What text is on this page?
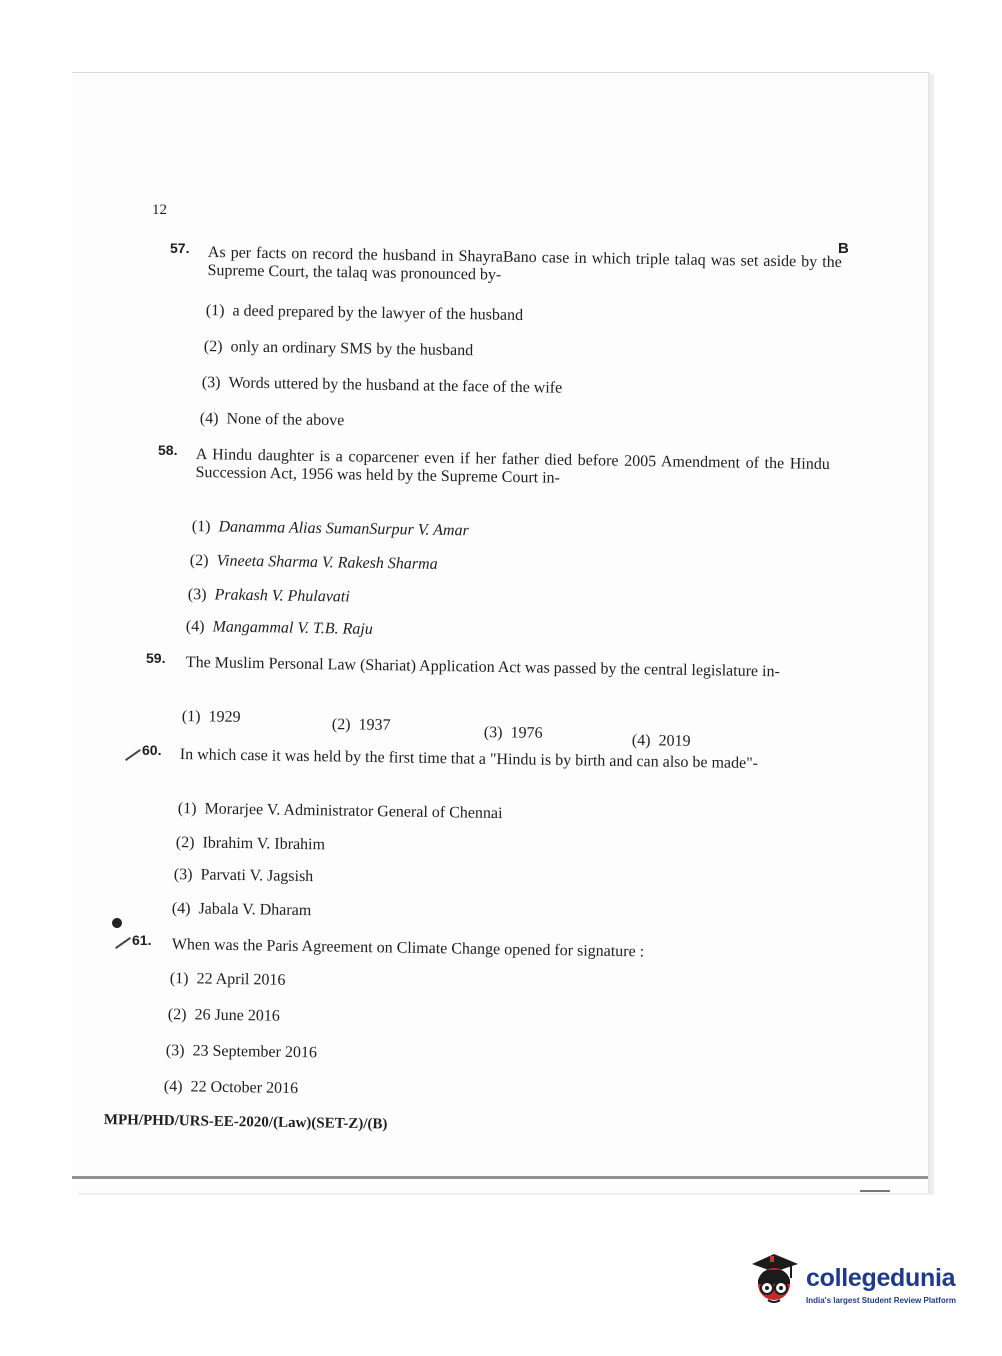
12
B
57. As per facts on record the husband in ShayraBano case in which triple talaq was set aside by the Supreme Court, the talaq was pronounced by-
(1) a deed prepared by the lawyer of the husband
(2) only an ordinary SMS by the husband
(3) Words uttered by the husband at the face of the wife
(4) None of the above
58. A Hindu daughter is a coparcener even if her father died before 2005 Amendment of the Hindu Succession Act, 1956 was held by the Supreme Court in-
(1) Danamma Alias SumanSurpur V. Amar
(2) Vineeta Sharma V. Rakesh Sharma
(3) Prakash V. Phulavati
(4) Mangammal V. T.B. Raju
59. The Muslim Personal Law (Shariat) Application Act was passed by the central legislature in-
(1) 1929	(2) 1937	(3) 1976	(4) 2019
60. In which case it was held by the first time that a "Hindu is by birth and can also be made"-
(1) Morarjee V. Administrator General of Chennai
(2) Ibrahim V. Ibrahim
(3) Parvati V. Jagsish
(4) Jabala V. Dharam
61. When was the Paris Agreement on Climate Change opened for signature :
(1) 22 April 2016
(2) 26 June 2016
(3) 23 September 2016
(4) 22 October 2016
MPH/PHD/URS-EE-2020/(Law)(SET-Z)/(B)
collegedunia
India's largest Student Review Platform
